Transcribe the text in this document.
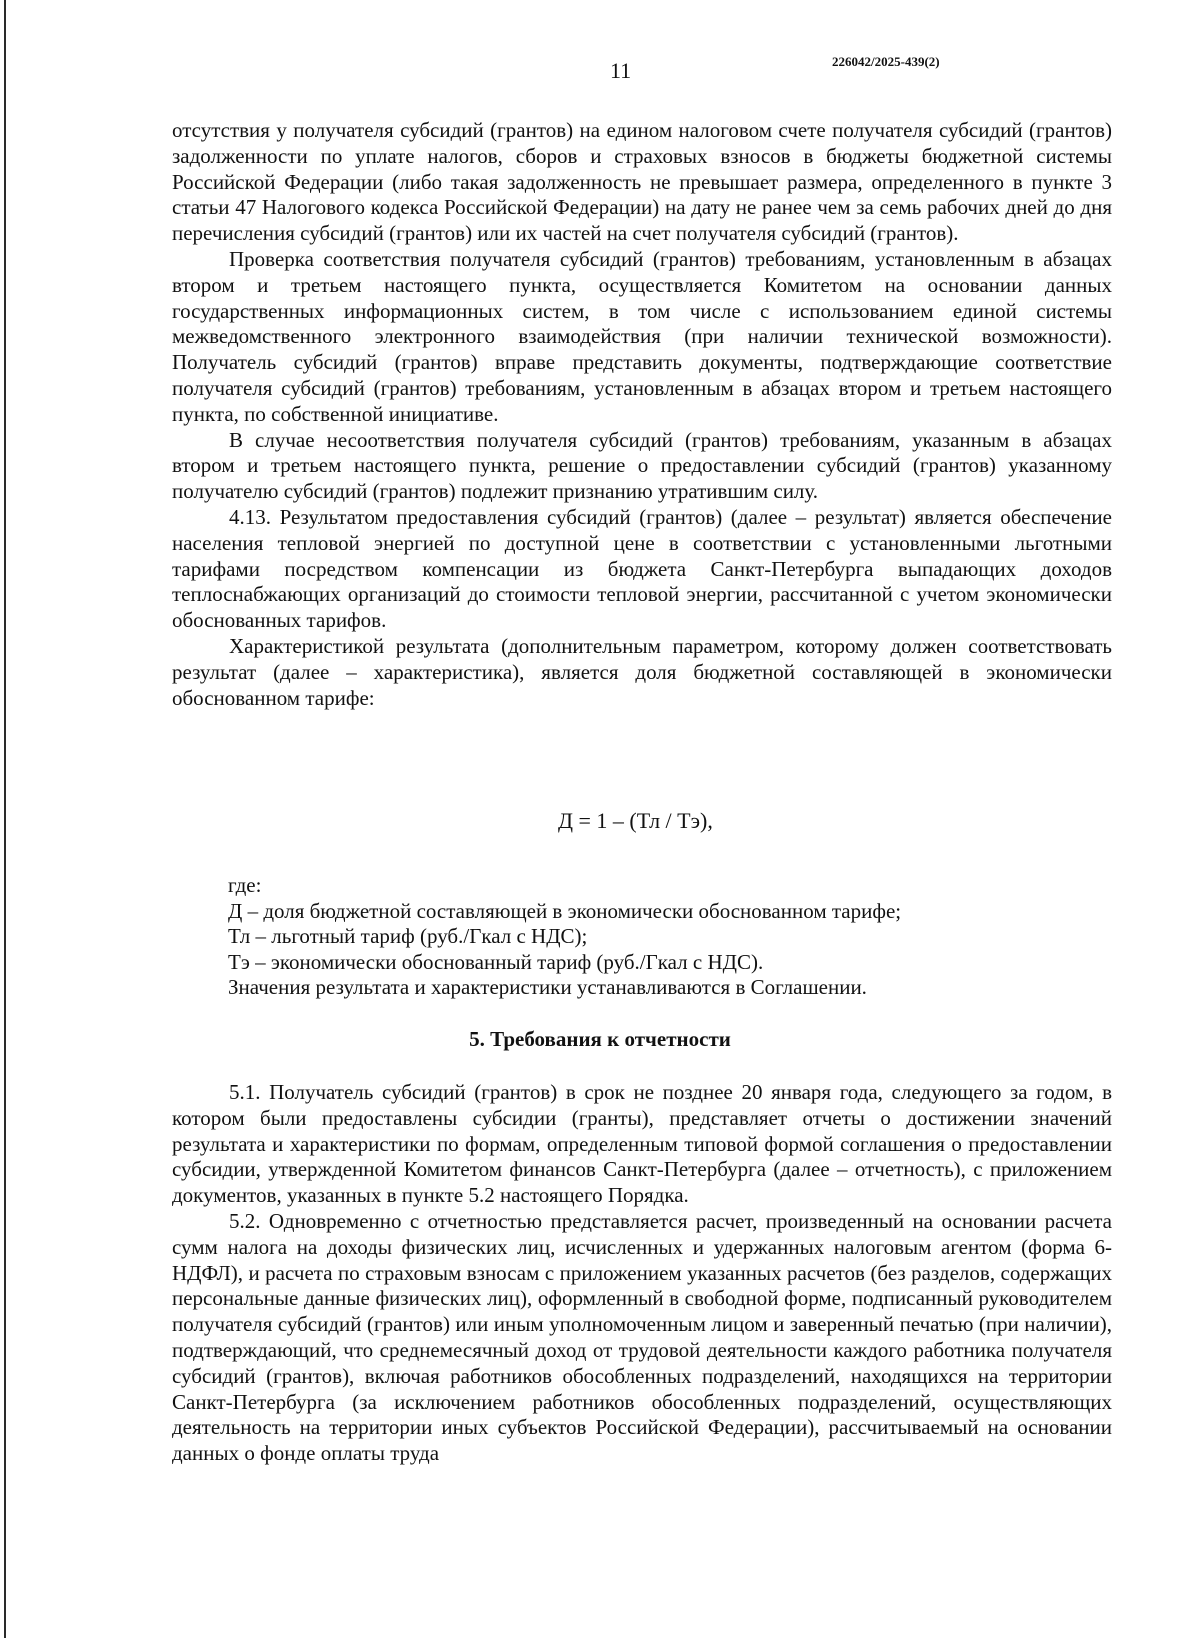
11	226042/2025-439(2)

отсутствия у получателя субсидий (грантов) на едином налоговом счете получателя субсидий (грантов) задолженности по уплате налогов, сборов и страховых взносов в бюджеты бюджетной системы Российской Федерации (либо такая задолженность не превышает размера, определенного в пункте 3 статьи 47 Налогового кодекса Российской Федерации) на дату не ранее чем за семь рабочих дней до дня перечисления субсидий (грантов) или их частей на счет получателя субсидий (грантов).

Проверка соответствия получателя субсидий (грантов) требованиям, установленным в абзацах втором и третьем настоящего пункта, осуществляется Комитетом на основании данных государственных информационных систем, в том числе с использованием единой системы межведомственного электронного взаимодействия (при наличии технической возможности). Получатель субсидий (грантов) вправе представить документы, подтверждающие соответствие получателя субсидий (грантов) требованиям, установленным в абзацах втором и третьем настоящего пункта, по собственной инициативе.

В случае несоответствия получателя субсидий (грантов) требованиям, указанным в абзацах втором и третьем настоящего пункта, решение о предоставлении субсидий (грантов) указанному получателю субсидий (грантов) подлежит признанию утратившим силу.

4.13. Результатом предоставления субсидий (грантов) (далее – результат) является обеспечение населения тепловой энергией по доступной цене в соответствии с установленными льготными тарифами посредством компенсации из бюджета Санкт-Петербурга выпадающих доходов теплоснабжающих организаций до стоимости тепловой энергии, рассчитанной с учетом экономически обоснованных тарифов.

Характеристикой результата (дополнительным параметром, которому должен соответствовать результат (далее – характеристика), является доля бюджетной составляющей в экономически обоснованном тарифе:

Д = 1 – (Тл / Тэ),
где:
Д – доля бюджетной составляющей в экономически обоснованном тарифе;
Тл – льготный тариф (руб./Гкал с НДС);
Тэ – экономически обоснованный тариф (руб./Гкал с НДС).
Значения результата и характеристики устанавливаются в Соглашении.
5. Требования к отчетности

5.1. Получатель субсидий (грантов) в срок не позднее 20 января года, следующего за годом, в котором были предоставлены субсидии (гранты), представляет отчеты о достижении значений результата и характеристики по формам, определенным типовой формой соглашения о предоставлении субсидии, утвержденной Комитетом финансов Санкт-Петербурга (далее – отчетность), с приложением документов, указанных в пункте 5.2 настоящего Порядка.

5.2. Одновременно с отчетностью представляется расчет, произведенный на основании расчета сумм налога на доходы физических лиц, исчисленных и удержанных налоговым агентом (форма 6-НДФЛ), и расчета по страховым взносам с приложением указанных расчетов (без разделов, содержащих персональные данные физических лиц), оформленный в свободной форме, подписанный руководителем получателя субсидий (грантов) или иным уполномоченным лицом и заверенный печатью (при наличии), подтверждающий, что среднемесячный доход от трудовой деятельности каждого работника получателя субсидий (грантов), включая работников обособленных подразделений, находящихся на территории Санкт-Петербурга (за исключением работников обособленных подразделений, осуществляющих деятельность на территории иных субъектов Российской Федерации), рассчитываемый на основании данных о фонде оплаты труда
